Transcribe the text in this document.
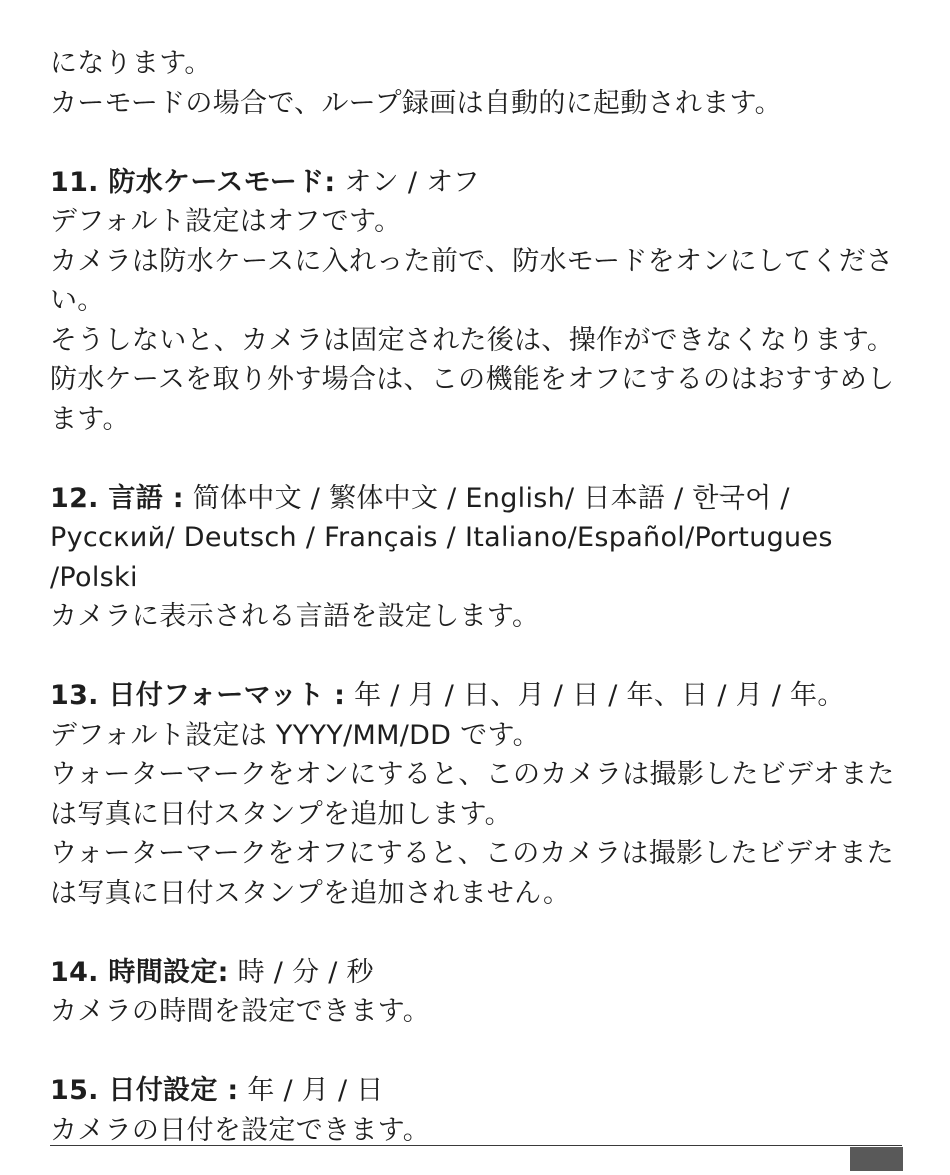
になります。
カーモードの場合で、ループ録画は自動的に起動されます。
11. 防水ケースモード: オン / オフ
デフォルト設定はオフです。
カメラは防水ケースに入れった前で、防水モードをオンにしてください。
そうしないと、カメラは固定された後は、操作ができなくなります。
防水ケースを取り外す場合は、この機能をオフにするのはおすすめします。
12. 言語 : 简体中文 / 繁体中文 / English/ 日本語 / 한국어 / Русский/ Deutsch / Français / Italiano/Español/Portugues /Polski
カメラに表示される言語を設定します。
13. 日付フォーマット : 年 / 月 / 日、月 / 日 / 年、日 / 月 / 年。
デフォルト設定は YYYY/MM/DD です。
ウォーターマークをオンにすると、このカメラは撮影したビデオまたは写真に日付スタンプを追加します。
ウォーターマークをオフにすると、このカメラは撮影したビデオまたは写真に日付スタンプを追加されません。
14. 時間設定: 時 / 分 / 秒
カメラの時間を設定できます。
15. 日付設定 : 年 / 月 / 日
カメラの日付を設定できます。
